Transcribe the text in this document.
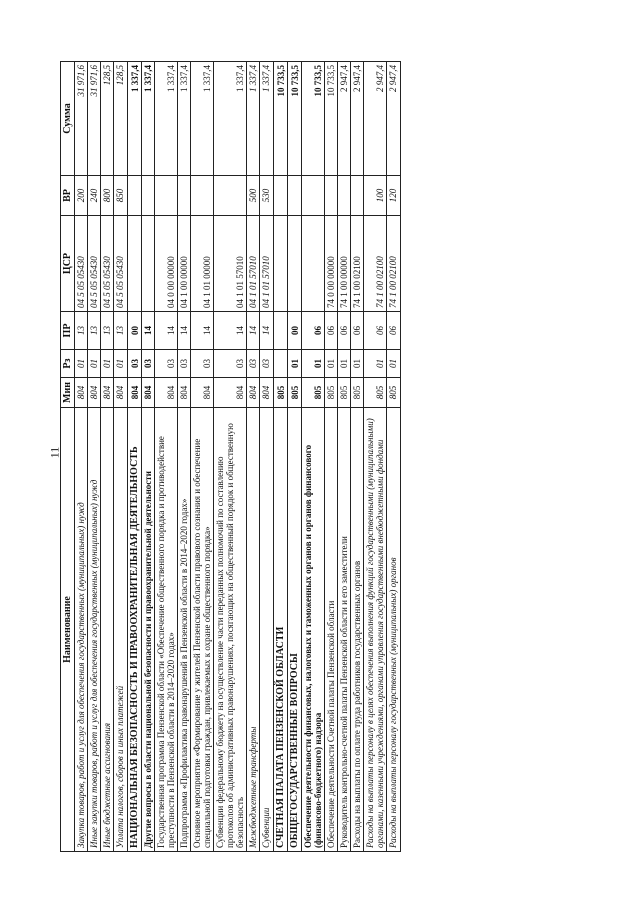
11
Наименование	Мин	Рз	ПР	ЦСР	ВР	Сумма
Закупка товаров, работ и услуг для обеспечения государственных (муниципальных) нужд	804	01	13	04 5 05 05430	200	31 971,6
Иные закупки товаров, работ и услуг для обеспечения государственных (муниципальных) нужд	804	01	13	04 5 05 05430	240	31 971,6
Иные бюджетные ассигнования	804	01	13	04 5 05 05430	800	128,5
Уплата налогов, сборов и иных платежей	804	01	13	04 5 05 05430	850	128,5
НАЦИОНАЛЬНАЯ БЕЗОПАСНОСТЬ И ПРАВООХРАНИТЕЛЬНАЯ ДЕЯТЕЛЬНОСТЬ	804	03	00			1 337,4
Другие вопросы в области национальной безопасности и правоохранительной деятельности	804	03	14			1 337,4
Государственная программа Пензенской области «Обеспечение общественного порядка и противодействие преступности в Пензенской области в 2014–2020 годах»	804	03	14	04 0 00 00000		1 337,4
Подпрограмма «Профилактика правонарушений в Пензенской области в 2014–2020 годах»	804	03	14	04 1 00 00000		1 337,4
Основное мероприятие «Формирование у жителей Пензенской области правового сознания и обеспечение специальной подготовки граждан, привлекаемых к охране общественного порядка»	804	03	14	04 1 01 00000		1 337,4
Субвенции федеральному бюджету на осуществление части переданных полномочий по составлению протоколов об административных правонарушениях, посягающих на общественный порядок и общественную безопасность	804	03	14	04 1 01 57010		1 337,4
Межбюджетные трансферты	804	03	14	04 1 01 57010	500	1 337,4
Субвенции	804	03	14	04 1 01 57010	530	1 337,4
СЧЕТНАЯ ПАЛАТА ПЕНЗЕНСКОЙ ОБЛАСТИ	805					10 733,5
ОБЩЕГОСУДАРСТВЕННЫЕ ВОПРОСЫ	805	01	00			10 733,5
Обеспечение деятельности финансовых, налоговых и таможенных органов и органов финансового (финансово-бюджетного) надзора	805	01	06			10 733,5
Обеспечение деятельности Счетной палаты Пензенской области	805	01	06	74 0 00 00000		10 733,5
Руководитель контрольно-счетной палаты Пензенской области и его заместители	805	01	06	74 1 00 00000		2 947,4
Расходы на выплаты по оплате труда работников государственных органов	805	01	06	74 1 00 02100		2 947,4
Расходы на выплаты персоналу в целях обеспечения выполнения функций государственными (муниципальными) органами, казенными учреждениями, органами управления государственными внебюджетными фондами	805	01	06	74 1 00 02100	100	2 947,4
Расходы на выплаты персоналу государственных (муниципальных) органов	805	01	06	74 1 00 02100	120	2 947,4
